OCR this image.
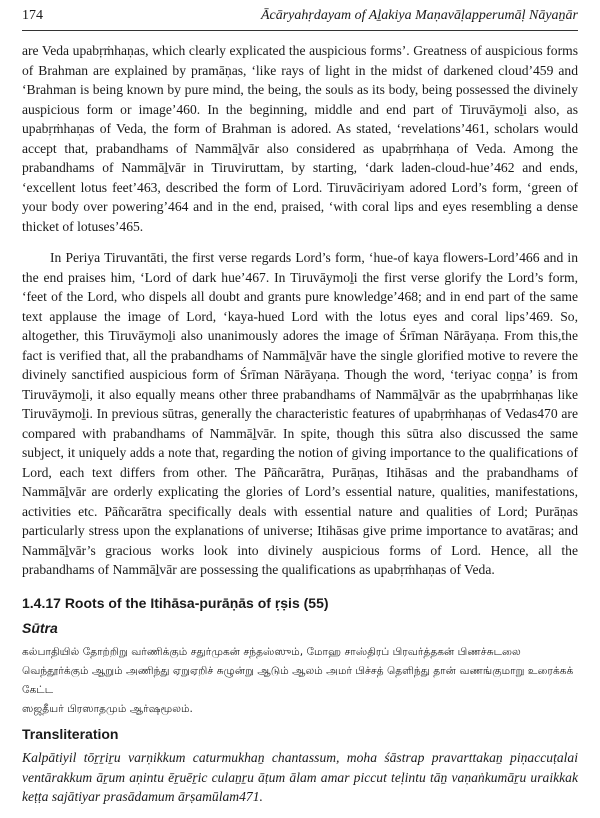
174	Ācāryahṛdayam of Aḻakiya Maṇavāḷapperumāḷ Nāyaṉār

are Veda upabṛṁhaṇas, which clearly explicated the auspicious forms’. Greatness of auspicious forms of Brahman are explained by pramāṇas, ‘like rays of light in the midst of darkened cloud’459 and ‘Brahman is being known by pure mind, the being, the souls as its body, being possessed the divinely auspicious form or image’460. In the beginning, middle and end part of Tiruvāymoḻi also, as upabṛṁhaṇas of Veda, the form of Brahman is adored. As stated, ‘revelations’461, scholars would accept that, prabandhams of Nammāḻvār also considered as upabṛṁhaṇa of Veda. Among the prabandhams of Nammāḻvār in Tiruviruttam, by starting, ‘dark laden-cloud-hue’462 and ends, ‘excellent lotus feet’463, described the form of Lord. Tiruvāciriyam adored Lord’s form, ‘green of your body over powering’464 and in the end, praised, ‘with coral lips and eyes resembling a dense thicket of lotuses’465.

In Periya Tiruvantāti, the first verse regards Lord’s form, ‘hue-of kaya flowers-Lord’466 and in the end praises him, ‘Lord of dark hue’467. In Tiruvāymoḻi the first verse glorify the Lord’s form, ‘feet of the Lord, who dispels all doubt and grants pure knowledge’468; and in end part of the same text applause the image of Lord, ‘kaya-hued Lord with the lotus eyes and coral lips’469. So, altogether, this Tiruvāymoḻi also unanimously adores the image of Śrīman Nārāyaṇa. From this,the fact is verified that, all the prabandhams of Nammāḻvār have the single glorified motive to revere the divinely sanctified auspicious form of Śrīman Nārāyaṇa. Though the word, ‘teriyac coṉṉa’ is from Tiruvāymoḻi, it also equally means other three prabandhams of Nammāḻvār as the upabṛṁhaṇas like Tiruvāymoḻi. In previous sūtras, generally the characteristic features of upabṛṁhaṇas of Vedas470 are compared with prabandhams of Nammāḻvār. In spite, though this sūtra also discussed the same subject, it uniquely adds a note that, regarding the notion of giving importance to the qualifications of Lord, each text differs from other. The Pāñcarātra, Purāṇas, Itihāsas and the prabandhams of Nammāḻvār are orderly explicating the glories of Lord’s essential nature, qualities, manifestations, activities etc. Pāñcarātra specifically deals with essential nature and qualities of Lord; Purāṇas particularly stress upon the explanations of universe; Itihāsas give prime importance to avatāras; and Nammāḻvār’s gracious works look into divinely auspicious forms of Lord. Hence, all the prabandhams of Nammāḻvār are possessing the qualifications as upabṛṁhaṇas of Veda.

1.4.17 Roots of the Itihāsa-purāṇās of ṛṣis (55)
Sūtra
கல்பாதியில் தோற்றிறு வர்ணிக்கும் சதுர்முகன் சந்தஸ்ஸும், மோஹ சாஸ்திரப் பிரவர்த்தகன் பிணச்சுடலை
வெந்தூர்க்கும் ஆறும் அணிந்து ஏறுஏறிச் சுழுன்று ஆடும் ஆலம் அமர் பிச்சத் தெளிந்து தான் வணங்குமாறு உரைக்கக் கேட்ட
ஸஜதீயர் பிரஸாதமும் ஆர்ஷமூலம்.
Transliteration

Kalpātiyil tōṟṟiṟu varṇikkum caturmukhaṉ chantassum, moha śāstrap pravarttakaṉ piṇaccuṭalai ventārakkum āṟum aṇintu ēṟuēṟic culaṉṟu āṭum ālam amar piccut teḷintu tāṉ vaṇaṅkumāṟu uraikkak keṭṭa sajātiyar prasādamum ārṣamūlam471.
